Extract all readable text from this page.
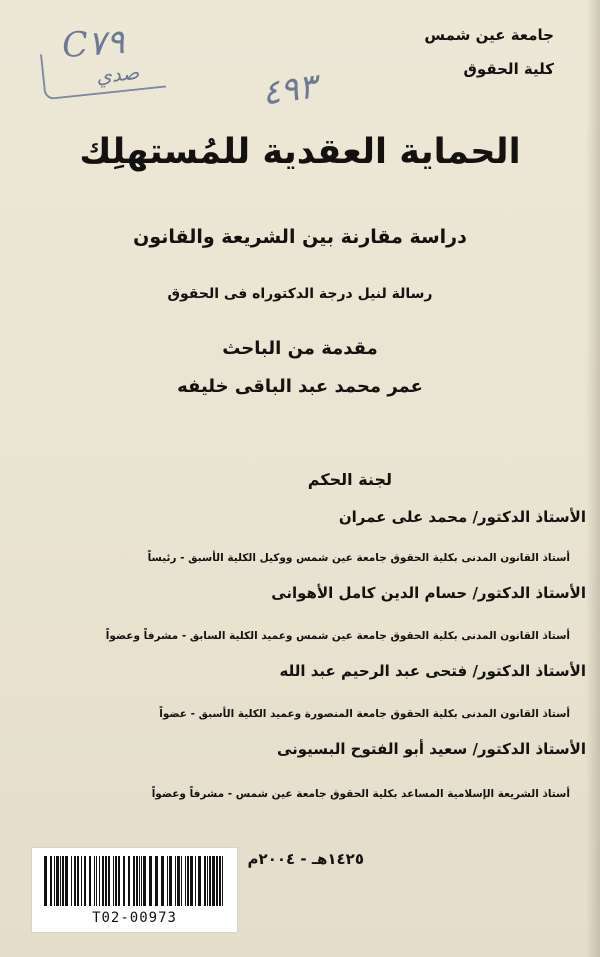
جامعة عين شمس
كلية الحقوق
C٧٩
صدي	٤٩٣
الحماية العقدية للمُستهلِك
دراسة مقارنة بين الشريعة والقانون
رسالة لنيل درجة الدكتوراه فى الحقوق
مقدمة من الباحث
عمر محمد عبد الباقى خليفه
لجنة الحكم
الأستاذ الدكتور/ محمد على عمران
أستاذ القانون المدنى بكلية الحقوق جامعة عين شمس ووكيل الكلية الأسبق - رئيساً
الأستاذ الدكتور/ حسام الدين كامل الأهوانى
أستاذ القانون المدنى بكلية الحقوق جامعة عين شمس وعميد الكلية السابق - مشرفاً وعضواً
الأستاذ الدكتور/ فتحى عبد الرحيم عبد الله
أستاذ القانون المدنى بكلية الحقوق جامعة المنصورة وعميد الكلية الأسبق - عضواً
الأستاذ الدكتور/ سعيد أبو الفتوح البسيونى
أستاذ الشريعة الإسلامية المساعد بكلية الحقوق جامعة عين شمس - مشرفاً وعضواً
١٤٢٥هـ - ٢٠٠٤م
T02-00973
